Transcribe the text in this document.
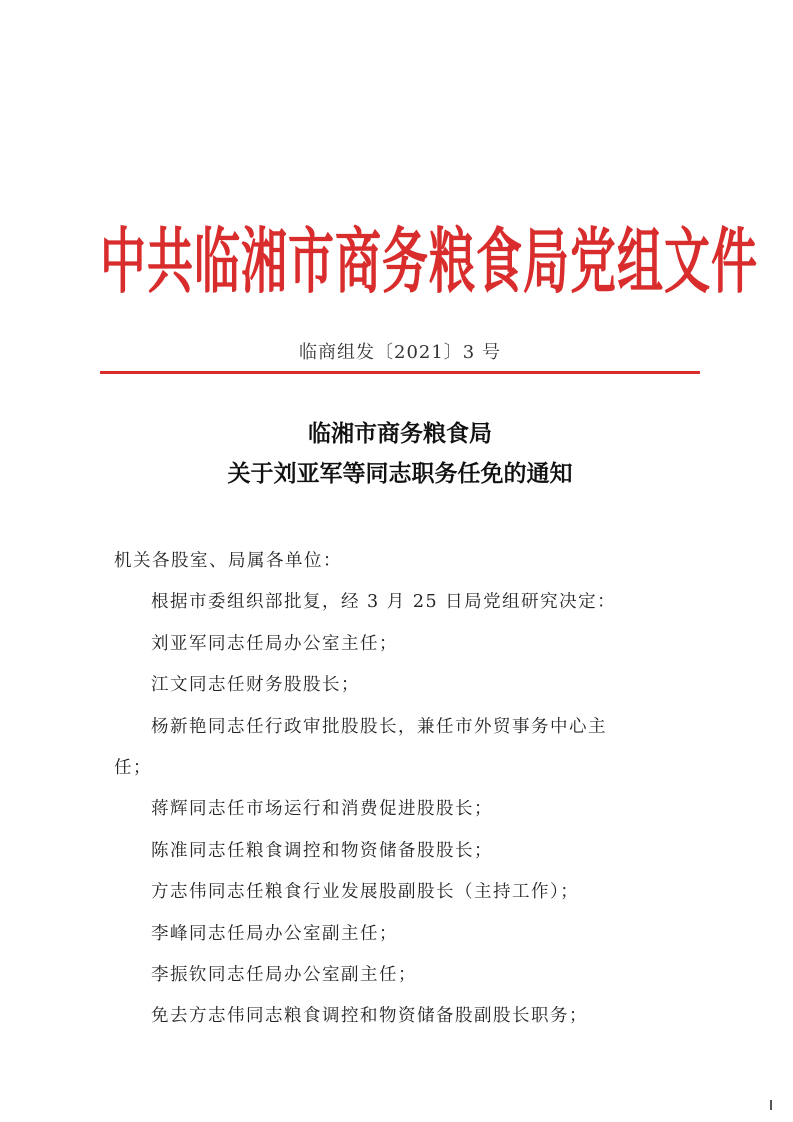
中共临湘市商务粮食局党组文件
临商组发〔2021〕3 号
临湘市商务粮食局
关于刘亚军等同志职务任免的通知
机关各股室、局属各单位：
根据市委组织部批复，经 3 月 25 日局党组研究决定：
刘亚军同志任局办公室主任；
江文同志任财务股股长；
杨新艳同志任行政审批股股长，兼任市外贸事务中心主
任；
蒋辉同志任市场运行和消费促进股股长；
陈准同志任粮食调控和物资储备股股长；
方志伟同志任粮食行业发展股副股长（主持工作）；
李峰同志任局办公室副主任；
李振钦同志任局办公室副主任；
免去方志伟同志粮食调控和物资储备股副股长职务；
